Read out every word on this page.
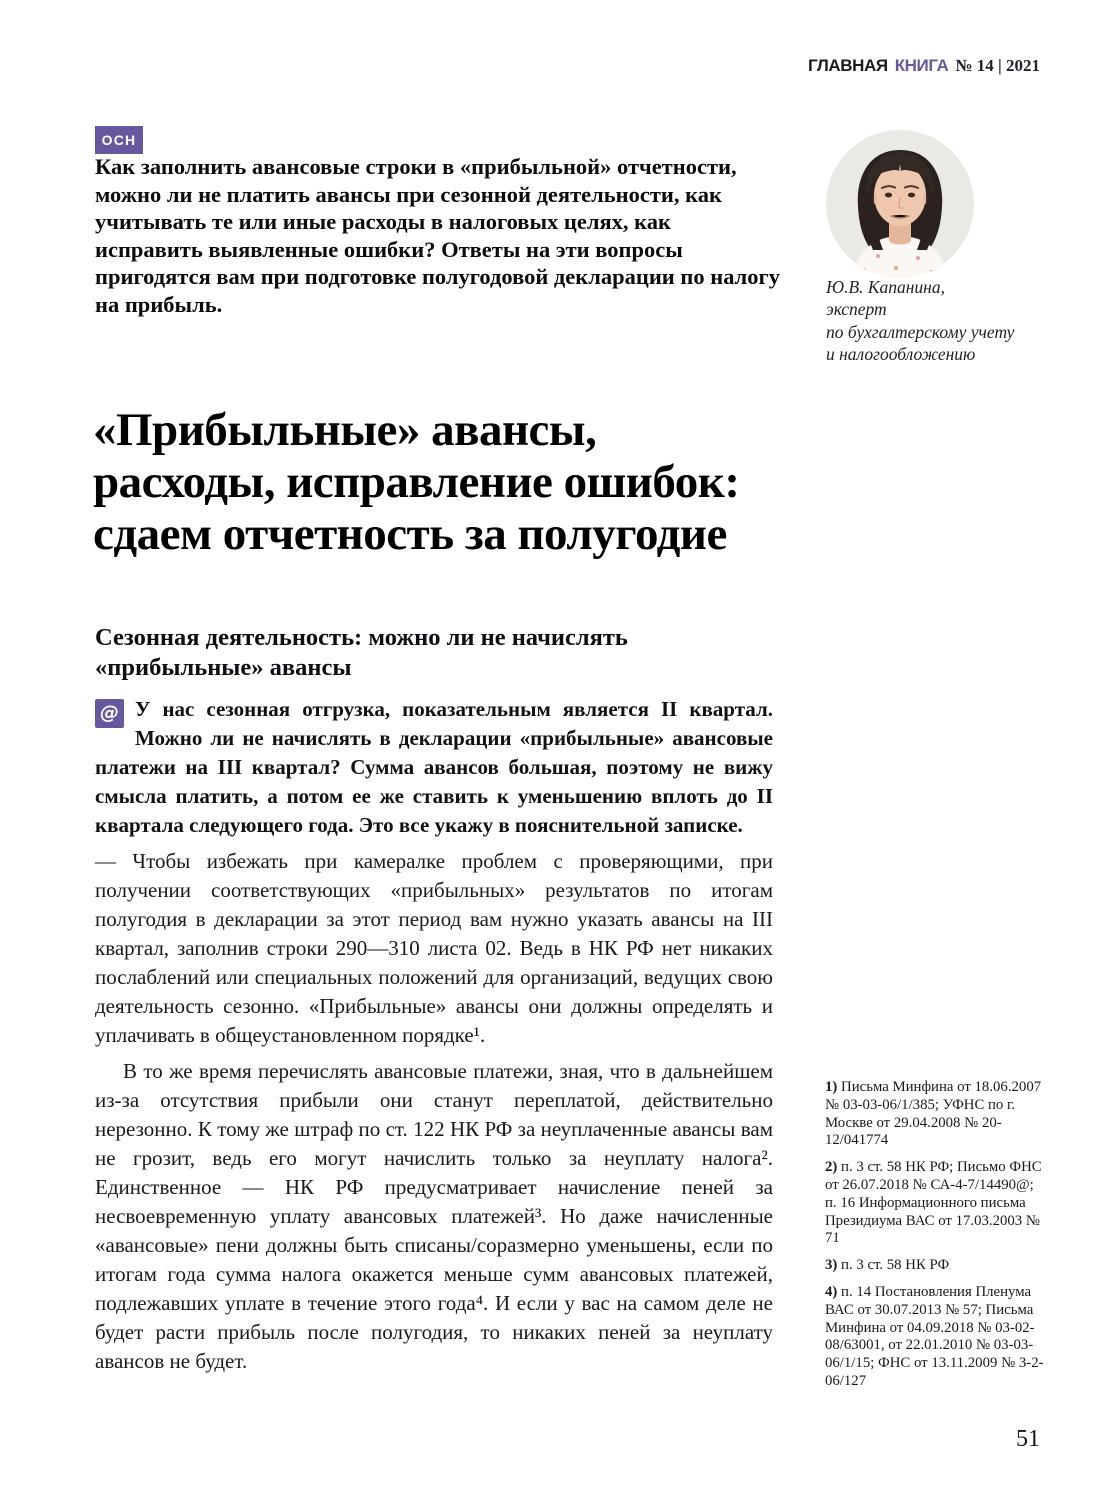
ГЛАВНАЯ КНИГА № 14 | 2021
ОСН

Как заполнить авансовые строки в «прибыльной» отчетности, можно ли не платить авансы при сезонной деятельности, как учитывать те или иные расходы в налоговых целях, как исправить выявленные ошибки? Ответы на эти вопросы пригодятся вам при подготовке полугодовой декларации по налогу на прибыль.

Ю.В. Капанина,
эксперт
по бухгалтерскому учету
и налогообложению
«Прибыльные» авансы,
расходы, исправление ошибок:
сдаем отчетность за полугодие
Сезонная деятельность: можно ли не начислять
«прибыльные» авансы

@ У нас сезонная отгрузка, показательным является II квартал. Можно ли не начислять в декларации «прибыльные» авансовые платежи на III квартал? Сумма авансов большая, поэтому не вижу смысла платить, а потом ее же ставить к уменьшению вплоть до II квартала следующего года. Это все укажу в пояснительной записке.

— Чтобы избежать при камералке проблем с проверяющими, при получении соответствующих «прибыльных» результатов по итогам полугодия в декларации за этот период вам нужно указать авансы на III квартал, заполнив строки 290—310 листа 02. Ведь в НК РФ нет никаких послаблений или специальных положений для организаций, ведущих свою деятельность сезонно. «Прибыльные» авансы они должны определять и уплачивать в общеустановленном порядке¹.

В то же время перечислять авансовые платежи, зная, что в дальнейшем из-за отсутствия прибыли они станут переплатой, действительно нерезонно. К тому же штраф по ст. 122 НК РФ за неуплаченные авансы вам не грозит, ведь его могут начислить только за неуплату налога². Единственное — НК РФ предусматривает начисление пеней за несвоевременную уплату авансовых платежей³. Но даже начисленные «авансовые» пени должны быть списаны/соразмерно уменьшены, если по итогам года сумма налога окажется меньше сумм авансовых платежей, подлежавших уплате в течение этого года⁴. И если у вас на самом деле не будет расти прибыль после полугодия, то никаких пеней за неуплату авансов не будет.

1) Письма Минфина от 18.06.2007 № 03-03-06/1/385; УФНС по г. Москве от 29.04.2008 № 20-12/041774

2) п. 3 ст. 58 НК РФ; Письмо ФНС от 26.07.2018 № СА-4-7/14490@; п. 16 Информационного письма Президиума ВАС от 17.03.2003 № 71

3) п. 3 ст. 58 НК РФ

4) п. 14 Постановления Пленума ВАС от 30.07.2013 № 57; Письма Минфина от 04.09.2018 № 03-02-08/63001, от 22.01.2010 № 03-03-06/1/15; ФНС от 13.11.2009 № 3-2-06/127

51
